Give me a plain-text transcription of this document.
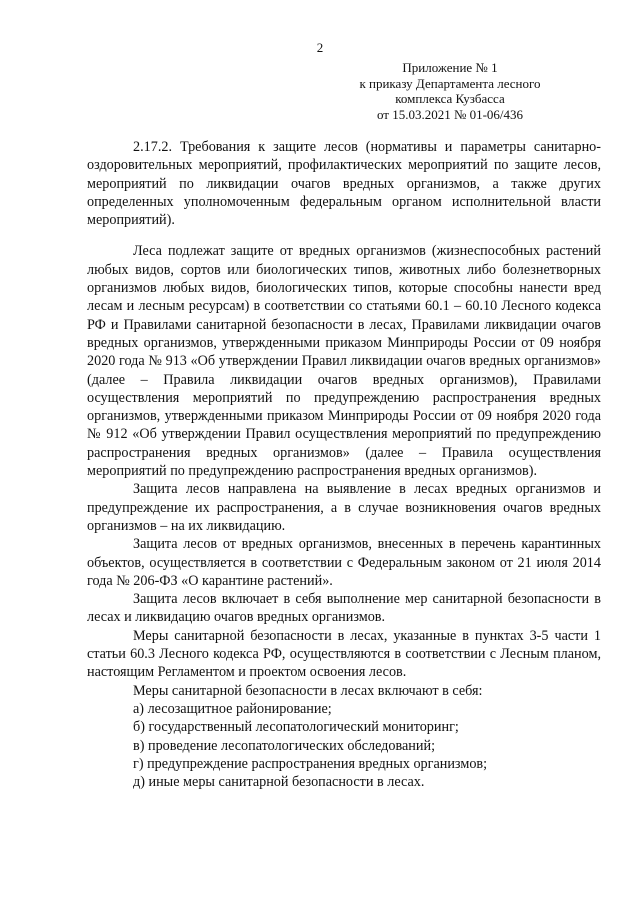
2
Приложение № 1
к приказу Департамента лесного
комплекса Кузбасса
от 15.03.2021 № 01-06/436

2.17.2. Требования к защите лесов (нормативы и параметры санитарно-оздоровительных мероприятий, профилактических мероприятий по защите лесов, мероприятий по ликвидации очагов вредных организмов, а также других определенных уполномоченным федеральным органом исполнительной власти мероприятий).

Леса подлежат защите от вредных организмов (жизнеспособных растений любых видов, сортов или биологических типов, животных либо болезнетворных организмов любых видов, биологических типов, которые способны нанести вред лесам и лесным ресурсам) в соответствии со статьями 60.1 – 60.10 Лесного кодекса РФ и Правилами санитарной безопасности в лесах, Правилами ликвидации очагов вредных организмов, утвержденными приказом Минприроды России от 09 ноября 2020 года № 913 «Об утверждении Правил ликвидации очагов вредных организмов» (далее – Правила ликвидации очагов вредных организмов), Правилами осуществления мероприятий по предупреждению распространения вредных организмов, утвержденными приказом Минприроды России от 09 ноября 2020 года № 912 «Об утверждении Правил осуществления мероприятий по предупреждению распространения вредных организмов» (далее – Правила осуществления мероприятий по предупреждению распространения вредных организмов).

Защита лесов направлена на выявление в лесах вредных организмов и предупреждение их распространения, а в случае возникновения очагов вредных организмов – на их ликвидацию.

Защита лесов от вредных организмов, внесенных в перечень карантинных объектов, осуществляется в соответствии с Федеральным законом от 21 июля 2014 года № 206-ФЗ «О карантине растений».

Защита лесов включает в себя выполнение мер санитарной безопасности в лесах и ликвидацию очагов вредных организмов.

Меры санитарной безопасности в лесах, указанные в пунктах 3-5 части 1 статьи 60.3 Лесного кодекса РФ, осуществляются в соответствии с Лесным планом, настоящим Регламентом и проектом освоения лесов.

Меры санитарной безопасности в лесах включают в себя:

а) лесозащитное районирование;

б) государственный лесопатологический мониторинг;

в) проведение лесопатологических обследований;

г) предупреждение распространения вредных организмов;

д) иные меры санитарной безопасности в лесах.
